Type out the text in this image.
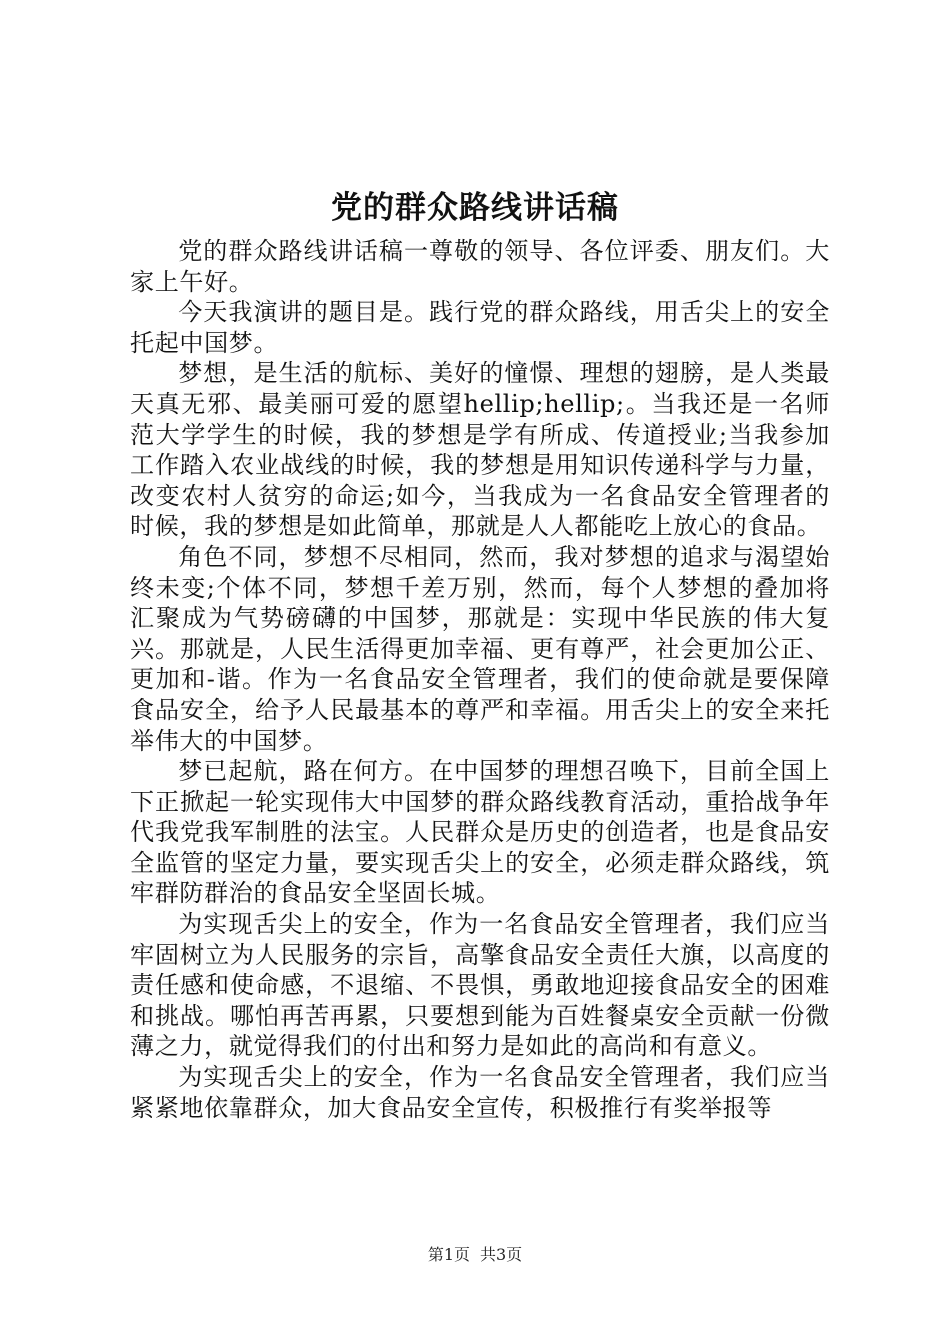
党的群众路线讲话稿

党的群众路线讲话稿一尊敬的领导、各位评委、朋友们。大家上午好。

今天我演讲的题目是。践行党的群众路线，用舌尖上的安全托起中国梦。

梦想，是生活的航标、美好的憧憬、理想的翅膀，是人类最天真无邪、最美丽可爱的愿望hellip;hellip;。当我还是一名师范大学学生的时候，我的梦想是学有所成、传道授业;当我参加工作踏入农业战线的时候，我的梦想是用知识传递科学与力量，改变农村人贫穷的命运;如今，当我成为一名食品安全管理者的时候，我的梦想是如此简单，那就是人人都能吃上放心的食品。

角色不同，梦想不尽相同，然而，我对梦想的追求与渴望始终未变;个体不同，梦想千差万别，然而，每个人梦想的叠加将汇聚成为气势磅礴的中国梦，那就是：实现中华民族的伟大复兴。那就是，人民生活得更加幸福、更有尊严，社会更加公正、更加和-谐。作为一名食品安全管理者，我们的使命就是要保障食品安全，给予人民最基本的尊严和幸福。用舌尖上的安全来托举伟大的中国梦。

梦已起航，路在何方。在中国梦的理想召唤下，目前全国上下正掀起一轮实现伟大中国梦的群众路线教育活动，重拾战争年代我党我军制胜的法宝。人民群众是历史的创造者，也是食品安全监管的坚定力量，要实现舌尖上的安全，必须走群众路线，筑牢群防群治的食品安全坚固长城。

为实现舌尖上的安全，作为一名食品安全管理者，我们应当牢固树立为人民服务的宗旨，高擎食品安全责任大旗，以高度的责任感和使命感，不退缩、不畏惧，勇敢地迎接食品安全的困难和挑战。哪怕再苦再累，只要想到能为百姓餐桌安全贡献一份微薄之力，就觉得我们的付出和努力是如此的高尚和有意义。

为实现舌尖上的安全，作为一名食品安全管理者，我们应当紧紧地依靠群众，加大食品安全宣传，积极推行有奖举报等

第1页 共3页
